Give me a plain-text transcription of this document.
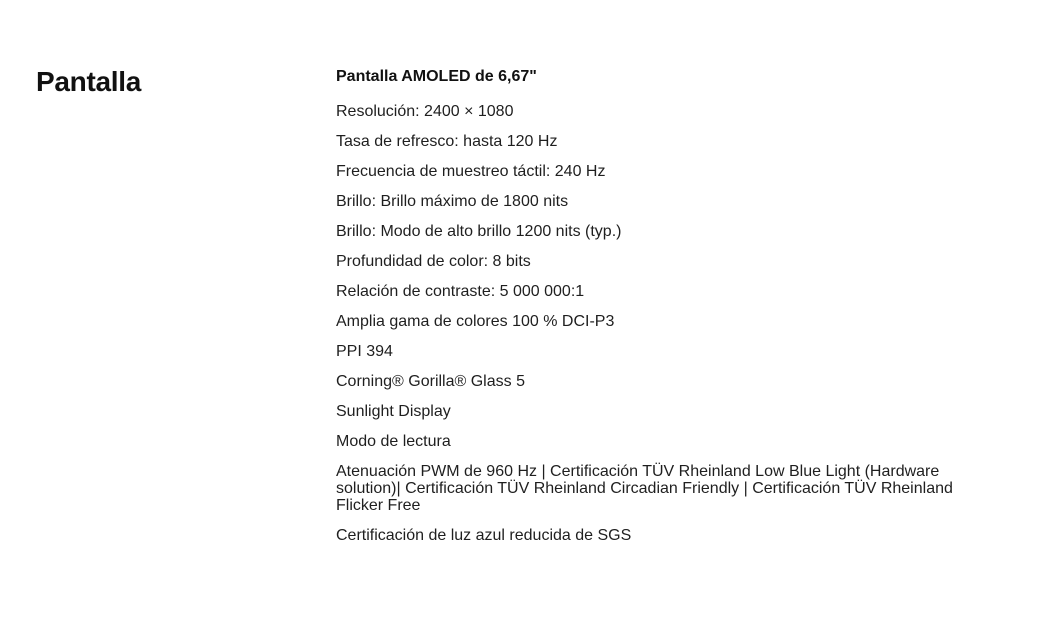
Pantalla	Pantalla AMOLED de 6,67"
Resolución: 2400 × 1080
Tasa de refresco: hasta 120 Hz
Frecuencia de muestreo táctil: 240 Hz
Brillo: Brillo máximo de 1800 nits
Brillo: Modo de alto brillo 1200 nits (typ.)
Profundidad de color: 8 bits
Relación de contraste: 5 000 000:1
Amplia gama de colores 100 % DCI-P3
PPI 394
Corning® Gorilla® Glass 5
Sunlight Display
Modo de lectura
Atenuación PWM de 960 Hz | Certificación TÜV Rheinland Low Blue Light (Hardware solution)| Certificación TÜV Rheinland Circadian Friendly | Certificación TÜV Rheinland Flicker Free
Certificación de luz azul reducida de SGS
